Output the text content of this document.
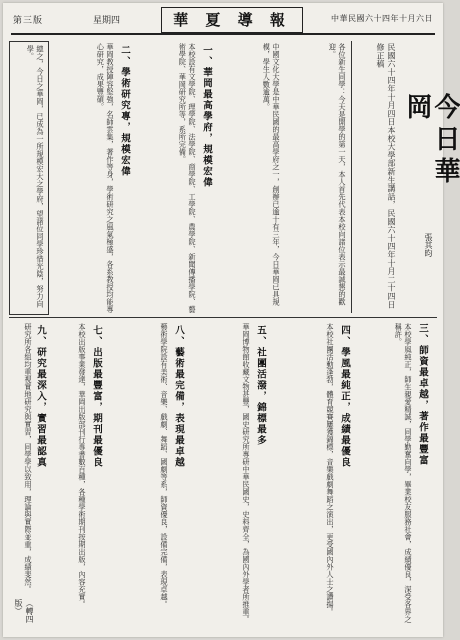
第三版	星期四	華 夏 導 報	中華民國六十四年十月六日
今日華岡
張其昀
民國六十四年十月四日本校大學部新生講話，民國六十四年十月二十四日修正稿
各位新生同學：今天是開學的第一天，本人首先代表本校向諸位表示最誠懇的歡迎。
中國文化大學是中華民國的最高學府之一，創辦已逾十有三年，今日華岡已具規模，學生人數逾萬。
一、華岡最高學府，規模宏偉
本校設有文學院、理學院、法學院、商學院、工學院、農學院、新聞傳播學院、藝術學院、華岡研究所等，系所完備。
二、學術研究專，規模宏偉
華岡教授陣容堅強，名師雲集，著作等身，學術研究之風氣極盛，各系教授均能專心研究，成果豐碩。
總之，今日之華岡，已成為一所規模宏大之學府，望諸位同學珍惜光陰，努力向學。
三、師資最卓越，著作最豐富
本校學風純正，師生親愛精誠，同學勤奮向學，畢業校友服務社會，成績優良，深受各界之稱許。
四、學風最純正，成績最優良
本校社團活動蓬勃，體育競賽屢獲錦標，音樂戲劇舞蹈之演出，更受國內外人士之讚揚。
五、社團活潑，錦標最多
華岡博物館收藏文物甚豐，國史研究所專研中華民國史，史料齊全，為國內外學者所推重。
八、藝術最完備，表現最卓越
藝術學院設有美術、音樂、戲劇、舞蹈、國劇等系，師資優良，設備完備，表現卓越。
七、出版最豐富，期刊最優良
本校出版事業發達，華岡出版部刊行專書數百種，各種學術期刊按期出版，內容充實。
九、研究最深入，實習最認真
研究所各組均重視實地研究與實習，同學學以致用，理論與實際並重，成績斐然。
（轉四版）
